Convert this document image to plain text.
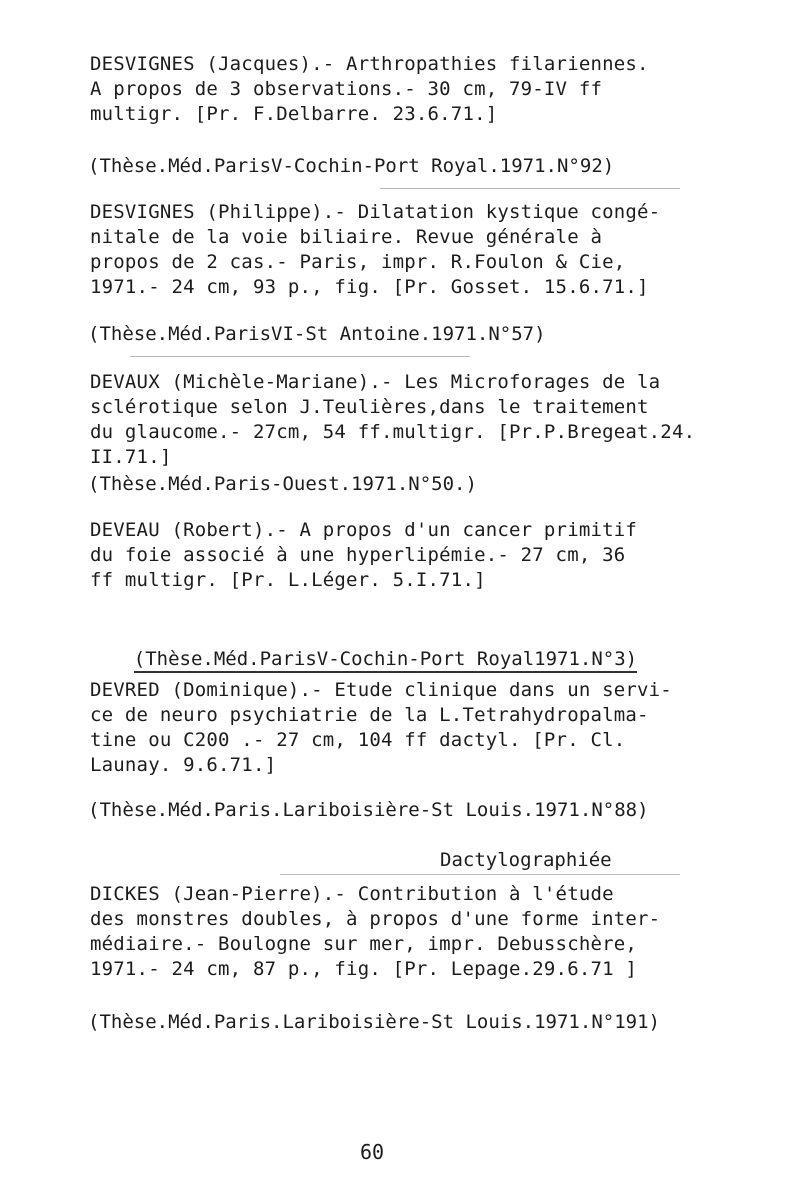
DESVIGNES (Jacques).- Arthropathies filariennes.
A propos de 3 observations.- 30 cm, 79-IV ff
multigr. [Pr. F.Delbarre. 23.6.71.]
(Thèse.Méd.ParisV-Cochin-Port Royal.1971.N°92)
DESVIGNES (Philippe).- Dilatation kystique congé-
nitale de la voie biliaire. Revue générale à
propos de 2 cas.- Paris, impr. R.Foulon & Cie,
1971.- 24 cm, 93 p., fig. [Pr. Gosset. 15.6.71.]
(Thèse.Méd.ParisVI-St Antoine.1971.N°57)
DEVAUX (Michèle-Mariane).- Les Microforages de la
sclérotique selon J.Teulières,dans le traitement
du glaucome.- 27cm, 54 ff.multigr. [Pr.P.Bregeat.24.
II.71.]
(Thèse.Méd.Paris-Ouest.1971.N°50.)
DEVEAU (Robert).- A propos d'un cancer primitif
du foie associé à une hyperlipémie.- 27 cm, 36
ff multigr. [Pr. L.Léger. 5.I.71.]

(Thèse.Méd.ParisV-Cochin-Port Royal1971.N°3)

DEVRED (Dominique).- Etude clinique dans un servi-
ce de neuro psychiatrie de la L.Tetrahydropalma-
tine ou C200 .- 27 cm, 104 ff dactyl. [Pr. Cl.
Launay. 9.6.71.]
(Thèse.Méd.Paris.Lariboisière-St Louis.1971.N°88)
Dactylographiée
DICKES (Jean-Pierre).- Contribution à l'étude
des monstres doubles, à propos d'une forme inter-
médiaire.- Boulogne sur mer, impr. Debusschère,
1971.- 24 cm, 87 p., fig. [Pr. Lepage.29.6.71 ]
(Thèse.Méd.Paris.Lariboisière-St Louis.1971.N°191)
60
